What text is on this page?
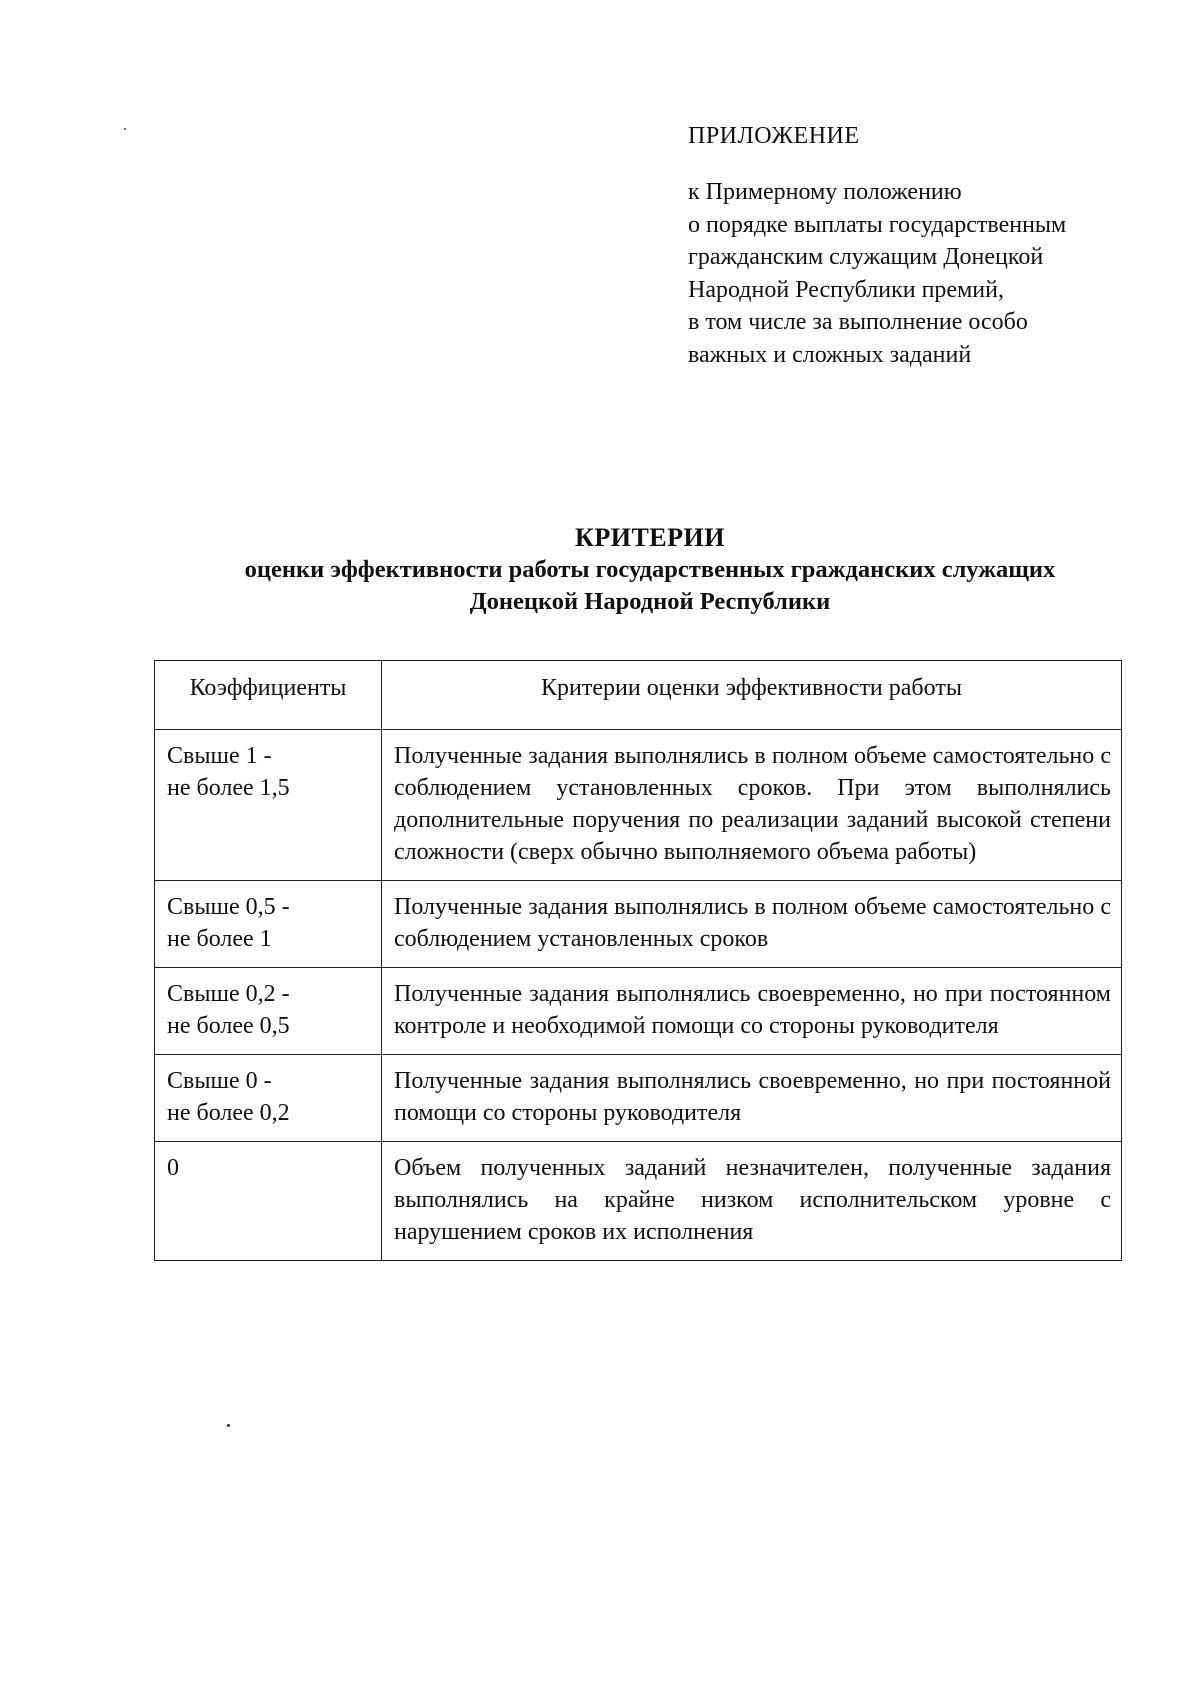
ПРИЛОЖЕНИЕ
к Примерному положению
о порядке выплаты государственным
гражданским служащим Донецкой
Народной Республики премий,
в том числе за выполнение особо
важных и сложных заданий
КРИТЕРИИ
оценки эффективности работы государственных гражданских служащих
Донецкой Народной Республики
Коэффициенты	Критерии оценки эффективности работы

Свыше 1 -
не более 1,5	Полученные задания выполнялись в полном объеме самостоятельно с соблюдением установленных сроков. При этом выполнялись дополнительные поручения по реализации заданий высокой степени сложности (сверх обычно выполняемого объема работы)

Свыше 0,5 -
не более 1	Полученные задания выполнялись в полном объеме самостоятельно с соблюдением установленных сроков

Свыше 0,2 -
не более 0,5	Полученные задания выполнялись своевременно, но при постоянном контроле и необходимой помощи со стороны руководителя

Свыше 0 -
не более 0,2	Полученные задания выполнялись своевременно, но при постоянной помощи со стороны руководителя

0	Объем полученных заданий незначителен, полученные задания выполнялись на крайне низком исполнительском уровне с нарушением сроков их исполнения
